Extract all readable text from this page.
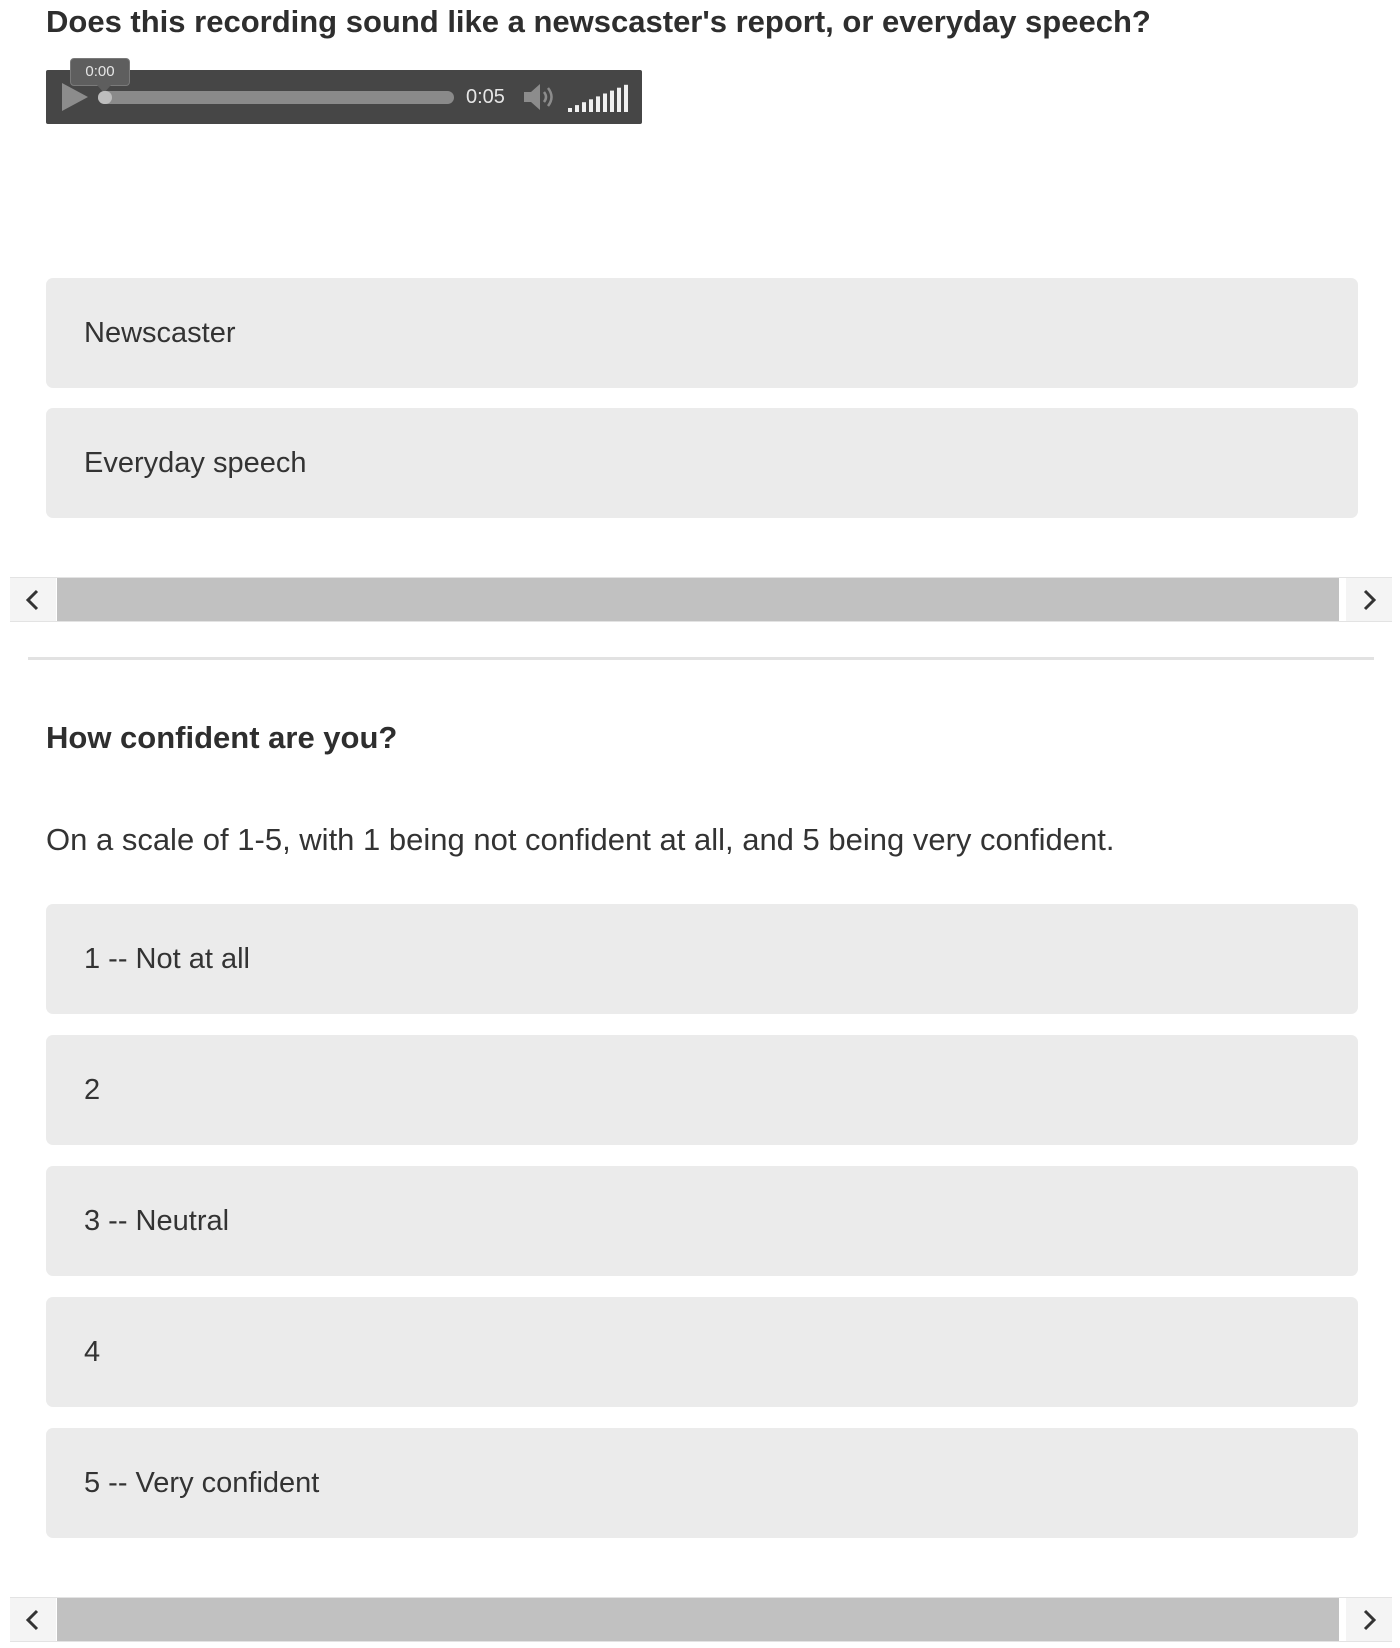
Does this recording sound like a newscaster's report, or everyday speech?
0:00
0:05
Newscaster
Everyday speech
How confident are you?
On a scale of 1-5, with 1 being not confident at all, and 5 being very confident.
1 -- Not at all
2
3 -- Neutral
4
5 -- Very confident
